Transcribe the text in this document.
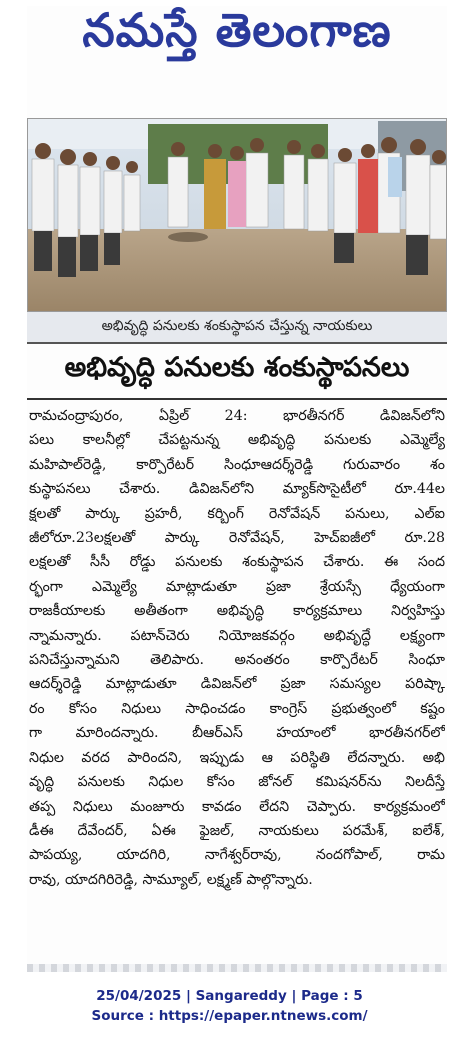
నమస్తే తెలంగాణ
అభివృద్ధి పనులకు శంకుస్థాపన చేస్తున్న నాయకులు
అభివృద్ధి పనులకు శంకుస్థాపనలు
రామచంద్రాపురం, ఏప్రిల్ 24: భారతీనగర్ డివిజన్‌లోని
పలు కాలనీల్లో చేపట్టనున్న అభివృద్ధి పనులకు ఎమ్మెల్యే
మహిపాల్‌రెడ్డి, కార్పొరేటర్ సింధూఆదర్శ్‌రెడ్డి గురువారం శం
కుస్థాపనలు చేశారు. డివిజన్‌లోని మ్యాక్‌సొసైటీలో రూ.44ల
క్షలతో పార్కు ప్రహరీ, కర్బింగ్ రెనోవేషన్ పనులు, ఎల్‌ఐ
జీలోరూ.23లక్షలతో పార్కు రెనోవేషన్, హెచ్‌ఐజీలో రూ.28
లక్షలతో సీసీ రోడ్డు పనులకు శంకుస్థాపన చేశారు. ఈ సంద
ర్భంగా ఎమ్మెల్యే మాట్లాడుతూ ప్రజా శ్రేయస్సే ధ్యేయంగా
రాజకీయాలకు అతీతంగా అభివృద్ధి కార్యక్రమాలు నిర్వహిస్తు
న్నామన్నారు. పటాన్‌చెరు నియోజకవర్గం అభివృద్ధే లక్ష్యంగా
పనిచేస్తున్నామని తెలిపారు. అనంతరం కార్పొరేటర్ సింధూ
ఆదర్శ్‌రెడ్డి మాట్లాడుతూ డివిజన్‌లో ప్రజా సమస్యల పరిష్కా
రం కోసం నిధులు సాధించడం కాంగ్రెస్ ప్రభుత్వంలో కష్టం
గా మారిందన్నారు. బీఆర్‌ఎస్ హయాంలో భారతీనగర్‌లో
నిధుల వరద పారిందని, ఇప్పుడు ఆ పరిస్థితి లేదన్నారు. అభి
వృద్ధి పనులకు నిధుల కోసం జోనల్ కమిషనర్‌ను నిలదీస్తే
తప్ప నిధులు మంజూరు కావడం లేదని చెప్పారు. కార్యక్రమంలో
డీఈ దేవేందర్, ఏఈ ఫైజల్, నాయకులు పరమేశ్, ఐలేశ్,
పాపయ్య, యాదగిరి, నాగేశ్వర్‌రావు, నందగోపాల్, రామ
రావు, యాదగిరిరెడ్డి, సామ్యూల్, లక్ష్మణ్ పాల్గొన్నారు.
25/04/2025 | Sangareddy | Page : 5
Source : https://epaper.ntnews.com/
